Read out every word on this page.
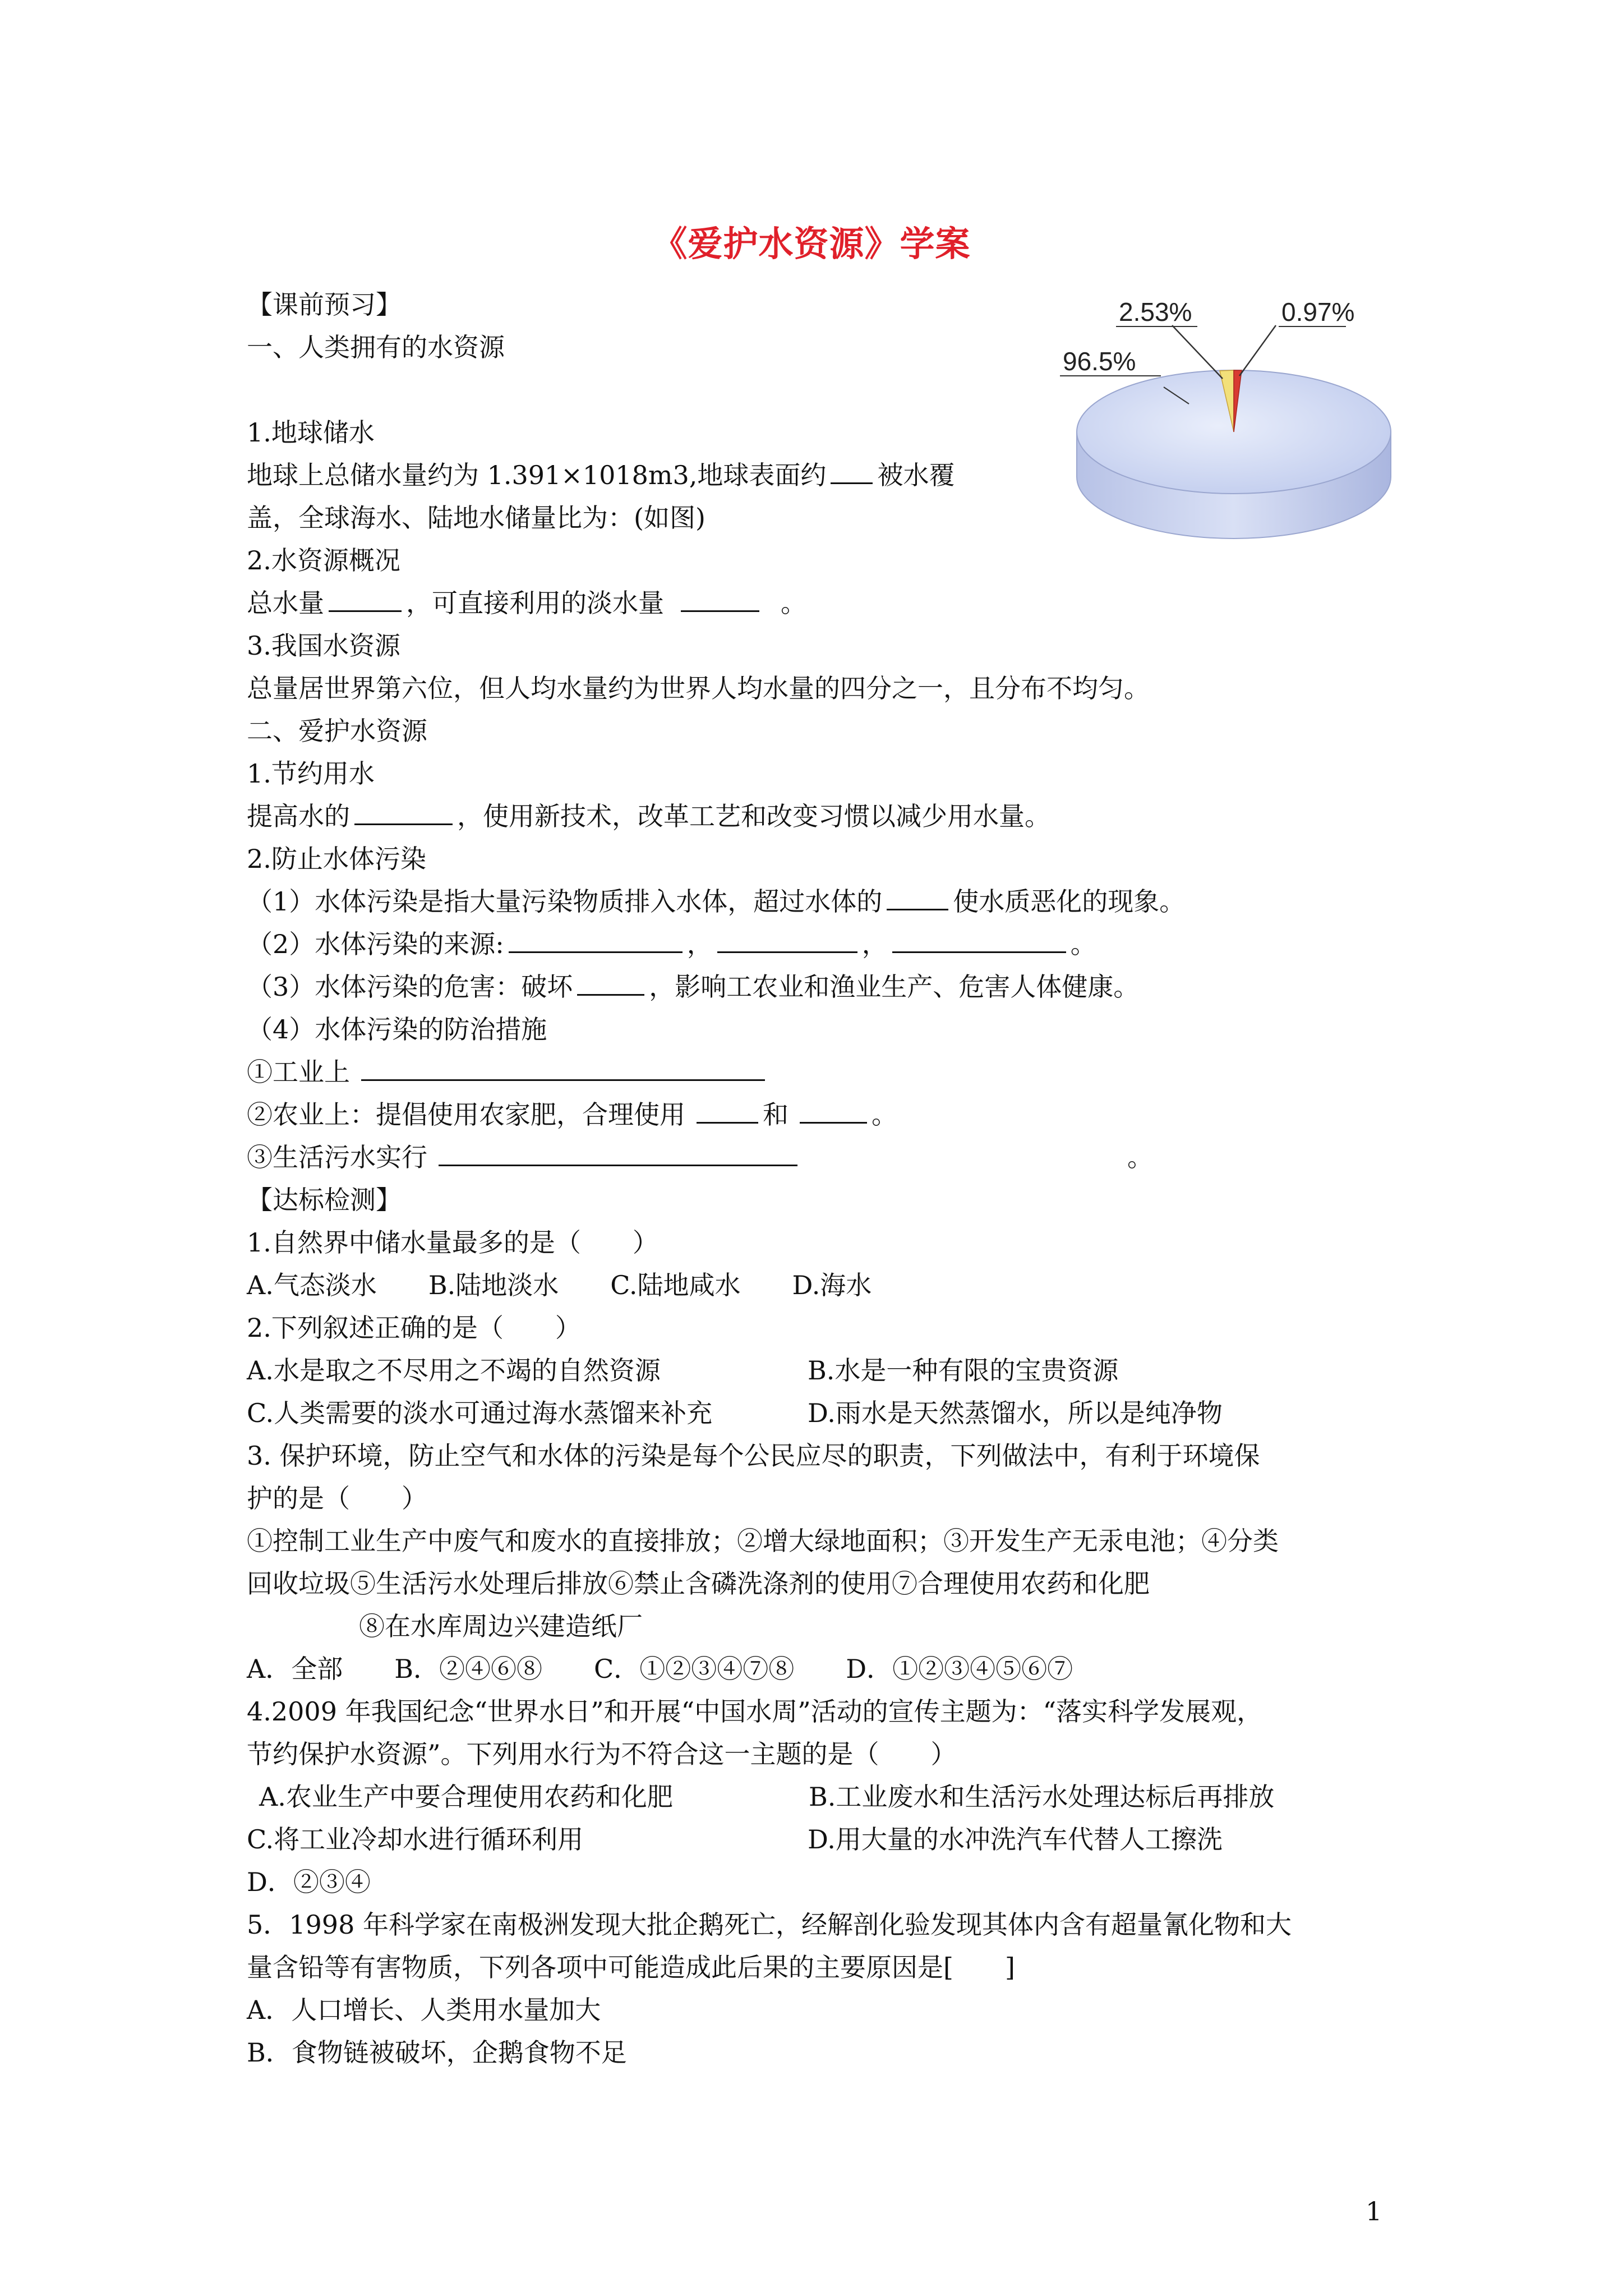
《爱护水资源》学案
2.53%	0.97%
96.5%
【课前预习】
一、人类拥有的水资源
1.地球储水
地球上总储水量约为 1.391×1018m3,地球表面约 被水覆
盖，全球海水、陆地水储量比为：(如图)
2.水资源概况
总水量	，可直接利用的淡水量	。
3.我国水资源
总量居世界第六位，但人均水量约为世界人均水量的四分之一，且分布不均匀。
二、爱护水资源
1.节约用水
提高水的	，使用新技术，改革工艺和改变习惯以减少用水量。
2.防止水体污染
（1）水体污染是指大量污染物质排入水体，超过水体的	使水质恶化的现象。
（2）水体污染的来源:	，	，	。
（3）水体污染的危害：破坏	，影响工农业和渔业生产、危害人体健康。
（4）水体污染的防治措施
①工业上
②农业上：提倡使用农家肥，合理使用	和	。
③生活污水实行	。
【达标检测】
1.自然界中储水量最多的是（　　）
A.气态淡水　　B.陆地淡水　　C.陆地咸水　　D.海水
2.下列叙述正确的是（　　）
A.水是取之不尽用之不竭的自然资源	B.水是一种有限的宝贵资源
C.人类需要的淡水可通过海水蒸馏来补充	D.雨水是天然蒸馏水，所以是纯净物
3. 保护环境，防止空气和水体的污染是每个公民应尽的职责，下列做法中，有利于环境保
护的是（　　）
①控制工业生产中废气和废水的直接排放；②增大绿地面积；③开发生产无汞电池；④分类
回收垃圾⑤生活污水处理后排放⑥禁止含磷洗涤剂的使用⑦合理使用农药和化肥
⑧在水库周边兴建造纸厂
A．全部　　B．②④⑥⑧　　C．①②③④⑦⑧　　D．①②③④⑤⑥⑦
4.2009 年我国纪念“世界水日”和开展“中国水周”活动的宣传主题为：“落实科学发展观，
节约保护水资源”。下列用水行为不符合这一主题的是（　　）
A.农业生产中要合理使用农药和化肥	B.工业废水和生活污水处理达标后再排放
C.将工业冷却水进行循环利用	D.用大量的水冲洗汽车代替人工擦洗
D．②③④
5．1998 年科学家在南极洲发现大批企鹅死亡，经解剖化验发现其体内含有超量氰化物和大
量含铅等有害物质，下列各项中可能造成此后果的主要原因是[　　]
A．人口增长、人类用水量加大
B．食物链被破坏，企鹅食物不足
1
